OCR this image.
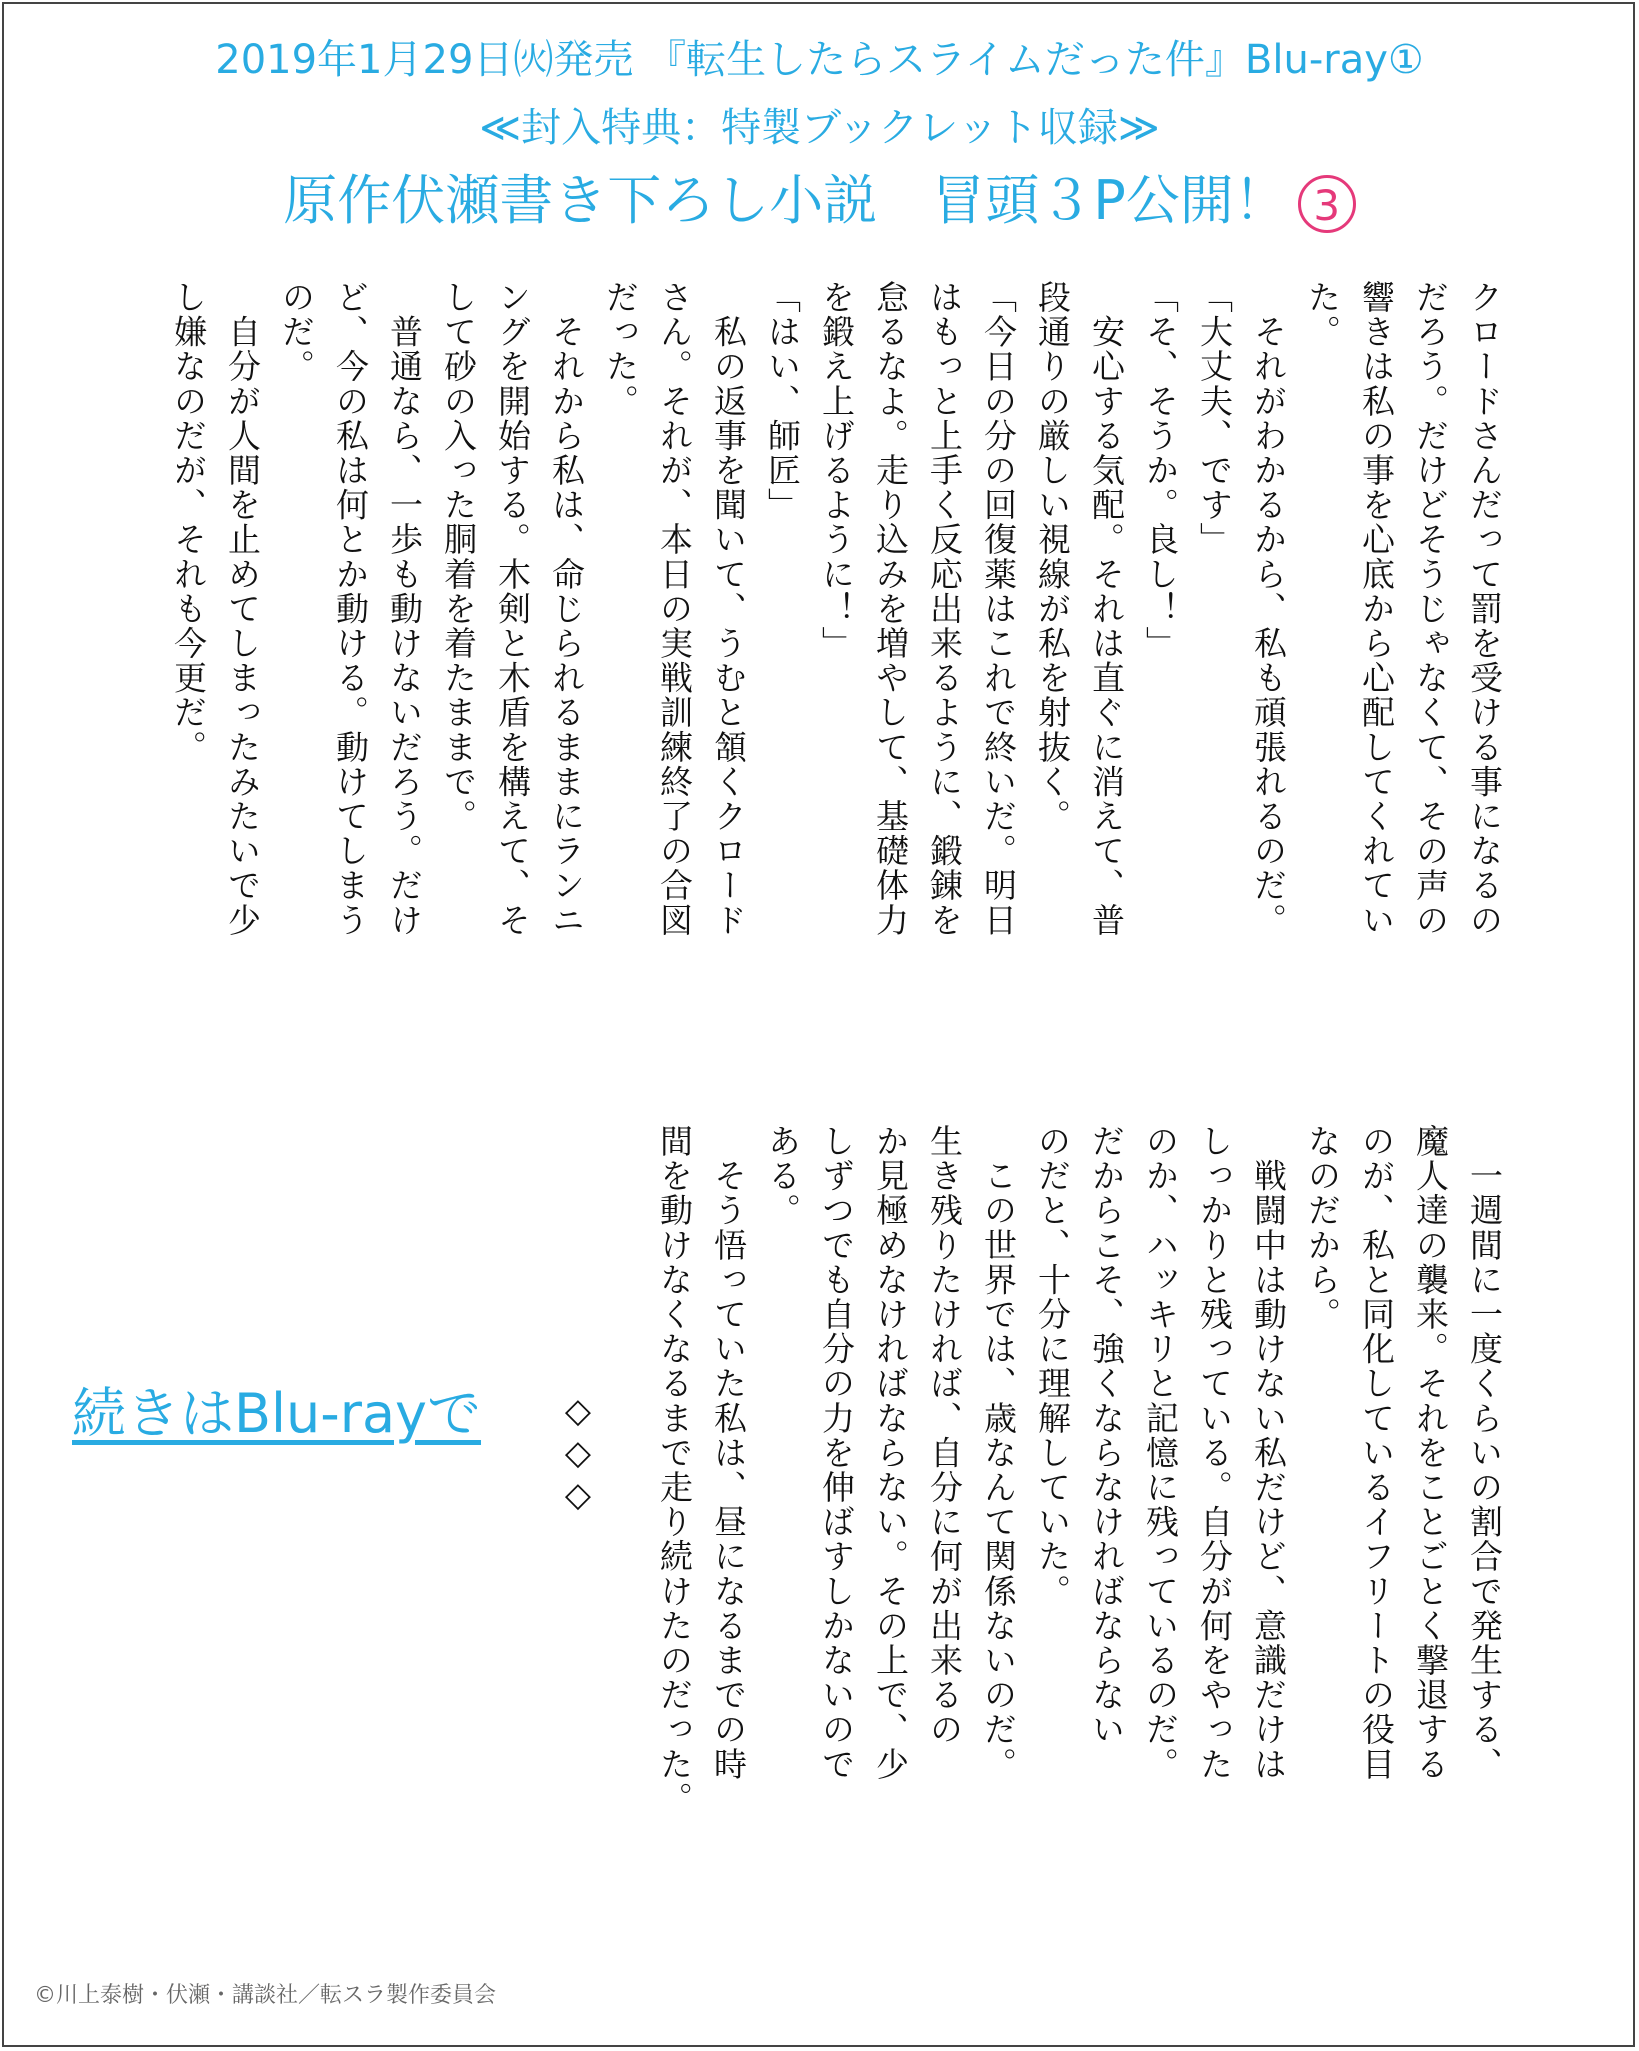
2019年1月29日㈫発売 『転生したらスライムだった件』Blu-ray①
≪封入特典：特製ブックレット収録≫
原作伏瀬書き下ろし小説　冒頭３P公開！ 3
クロードさんだって罰を受ける事になるの
だろう。だけどそうじゃなくて、その声の
響きは私の事を心底から心配してくれてい
た。
　それがわかるから、私も頑張れるのだ。
「大丈夫、です」
「そ、そうか。良し！」
　安心する気配。それは直ぐに消えて、普
段通りの厳しい視線が私を射抜く。
「今日の分の回復薬はこれで終いだ。明日
はもっと上手く反応出来るように、鍛錬を
怠るなよ。走り込みを増やして、基礎体力
を鍛え上げるように！」
「はい、師匠」
　私の返事を聞いて、うむと頷くクロード
さん。それが、本日の実戦訓練終了の合図
だった。
　それから私は、命じられるままにランニ
ングを開始する。木剣と木盾を構えて、そ
して砂の入った胴着を着たままで。
　普通なら、一歩も動けないだろう。だけ
ど、今の私は何とか動ける。動けてしまう
のだ。
　自分が人間を止めてしまったみたいで少
し嫌なのだが、それも今更だ。
　一週間に一度くらいの割合で発生する、
魔人達の襲来。それをことごとく撃退する
のが、私と同化しているイフリートの役目
なのだから。
　戦闘中は動けない私だけど、意識だけは
しっかりと残っている。自分が何をやった
のか、ハッキリと記憶に残っているのだ。
だからこそ、強くならなければならない
のだと、十分に理解していた。
　この世界では、歳なんて関係ないのだ。
生き残りたければ、自分に何が出来るの
か見極めなければならない。その上で、少
しずつでも自分の力を伸ばすしかないので
ある。
　そう悟っていた私は、昼になるまでの時
間を動けなくなるまで走り続けたのだった。
続きはBlu-rayで ◇
◇
◇
©川上泰樹・伏瀬・講談社／転スラ製作委員会
